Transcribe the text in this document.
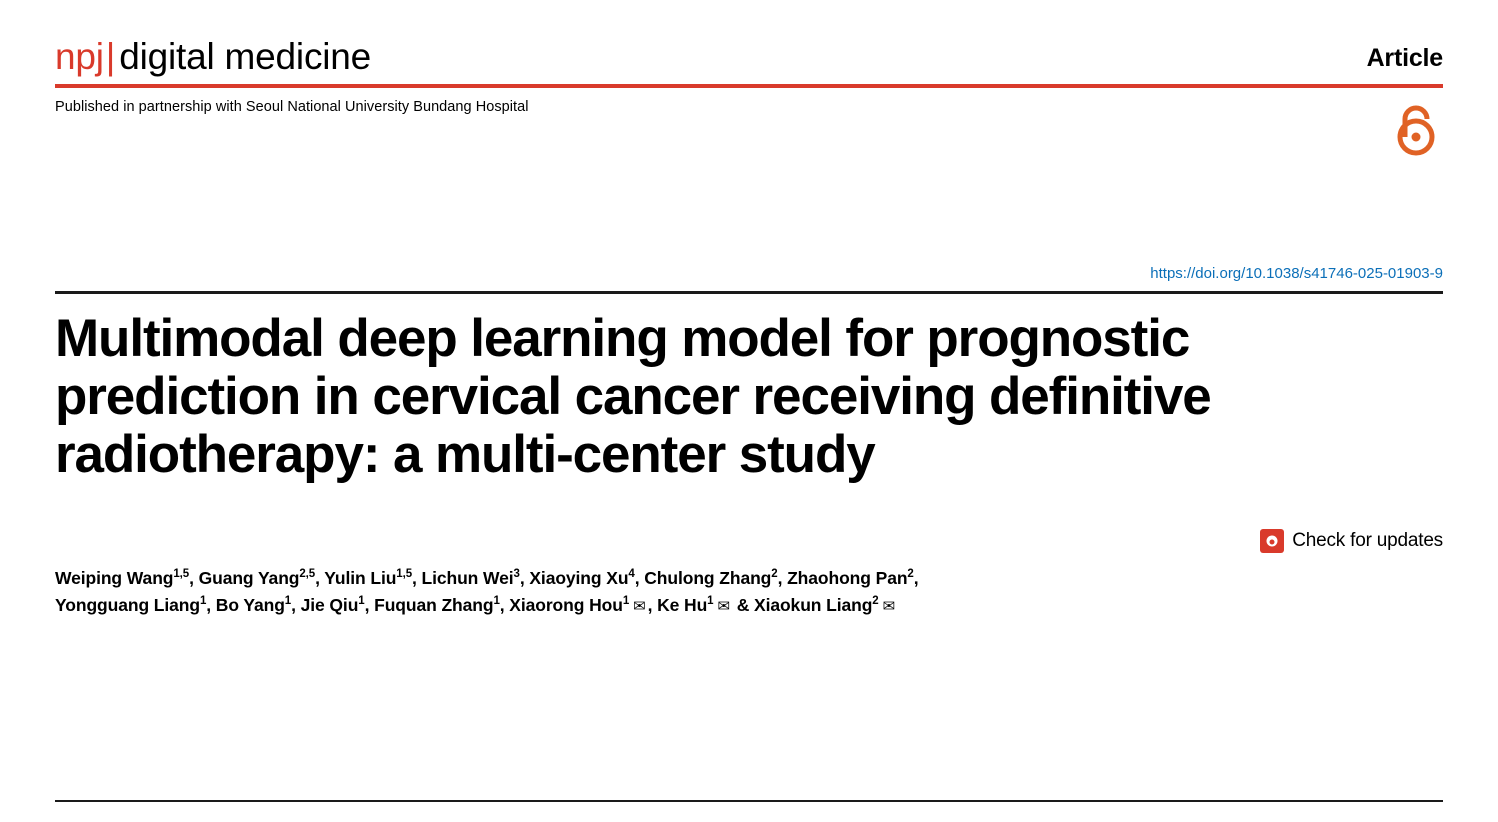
npj| digital medicine	Article
Published in partnership with Seoul National University Bundang Hospital
https://doi.org/10.1038/s41746-025-01903-9
Multimodal deep learning model for prognostic prediction in cervical cancer receiving definitive radiotherapy: a multi-center study
Check for updates
Weiping Wang$^{1,5}$, Guang Yang$^{2,5}$, Yulin Liu$^{1,5}$, Lichun Wei$^3$, Xiaoying Xu$^4$, Chulong Zhang$^2$, Zhaohong Pan$^2$,
Yongguang Liang$^1$, Bo Yang$^1$, Jie Qiu$^1$, Fuquan Zhang$^1$, Xiaorong Hou$^1$ ✉ , Ke Hu$^1$ ✉ & Xiaokun Liang$^2$ ✉
